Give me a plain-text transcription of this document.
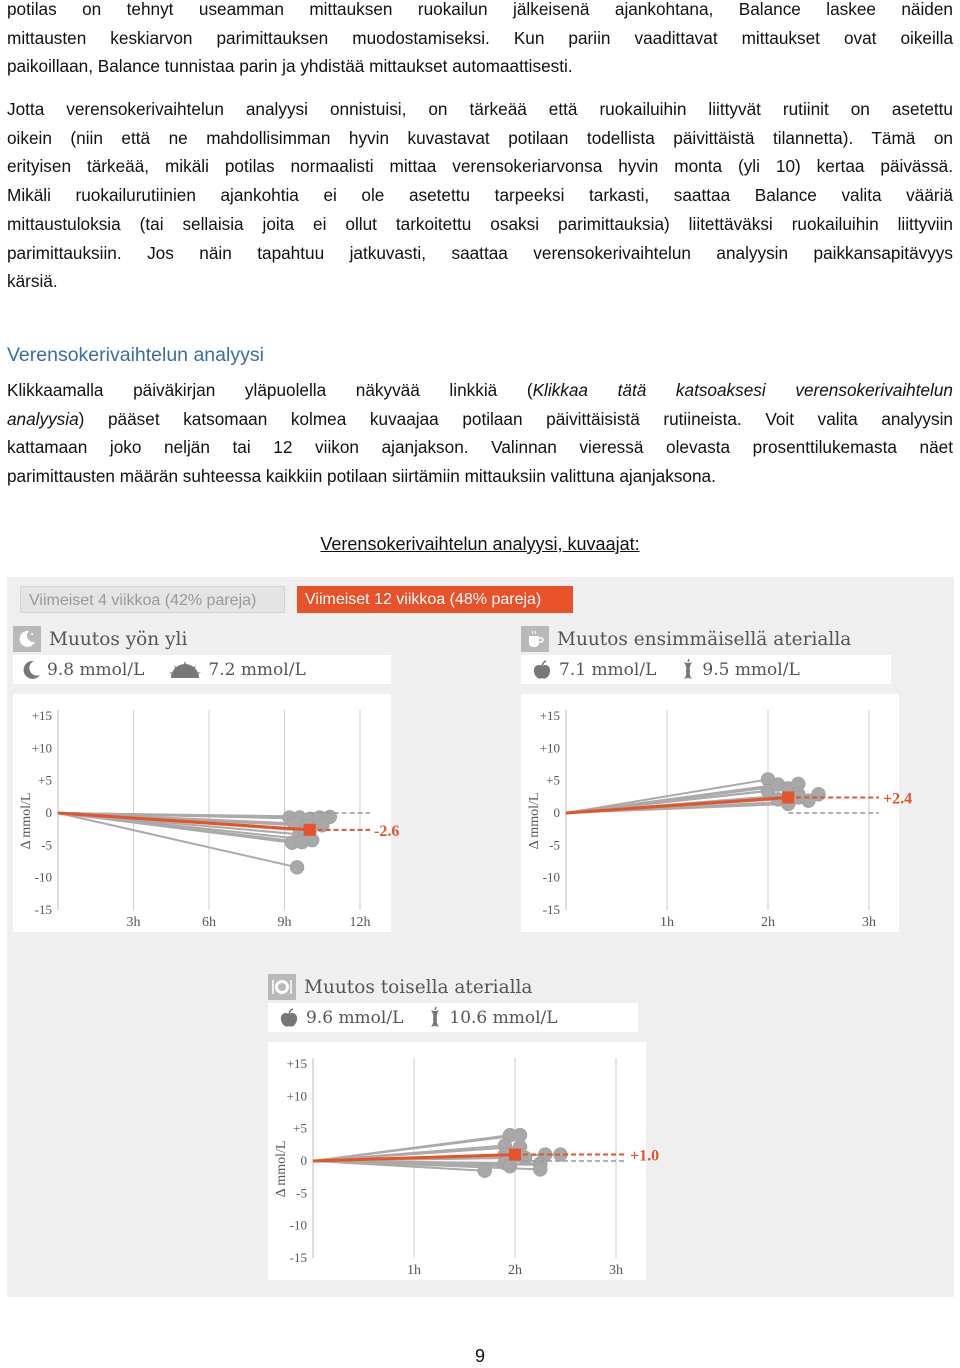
potilas on tehnyt useamman mittauksen ruokailun jälkeisenä ajankohtana, Balance laskee näiden
mittausten keskiarvon parimittauksen muodostamiseksi. Kun pariin vaadittavat mittaukset ovat oikeilla
paikoillaan, Balance tunnistaa parin ja yhdistää mittaukset automaattisesti.
Jotta verensokerivaihtelun analyysi onnistuisi, on tärkeää että ruokailuihin liittyvät rutiinit on asetettu
oikein (niin että ne mahdollisimman hyvin kuvastavat potilaan todellista päivittäistä tilannetta). Tämä on
erityisen tärkeää, mikäli potilas normaalisti mittaa verensokeriarvonsa hyvin monta (yli 10) kertaa päivässä.
Mikäli ruokailurutiinien ajankohtia ei ole asetettu tarpeeksi tarkasti, saattaa Balance valita vääriä
mittaustuloksia (tai sellaisia joita ei ollut tarkoitettu osaksi parimittauksia) liitettäväksi ruokailuihin liittyviin
parimittauksiin. Jos näin tapahtuu jatkuvasti, saattaa verensokerivaihtelun analyysin paikkansapitävyys
kärsiä.
Verensokerivaihtelun analyysi
Klikkaamalla päiväkirjan yläpuolella näkyvää linkkiä (Klikkaa tätä katsoaksesi verensokerivaihtelun
analyysia) pääset katsomaan kolmea kuvaajaa potilaan päivittäisistä rutiineista. Voit valita analyysin
kattamaan joko neljän tai 12 viikon ajanjakson. Valinnan vieressä olevasta prosenttilukemasta näet
parimittausten määrän suhteessa kaikkiin potilaan siirtämiin mittauksiin valittuna ajanjaksona.
Verensokerivaihtelun analyysi, kuvaajat:
Viimeiset 4 viikkoa (42% pareja)	Viimeiset 12 viikkoa (48% pareja)
Muutos yön yli
9.8 mmol/L	7.2 mmol/L
+15
+10
+5
0
-5
-10
-15
3h	6h	9h	12h
Δ mmol/L	-2.6
Muutos ensimmäisellä aterialla
7.1 mmol/L	9.5 mmol/L
+15
+10
+5
0
-5
-10
-15
1h	2h	3h
Δ mmol/L	+2.4
Muutos toisella aterialla
9.6 mmol/L	10.6 mmol/L
+15
+10
+5
0
-5
-10
-15
1h	2h	3h
Δ mmol/L	+1.0
9
